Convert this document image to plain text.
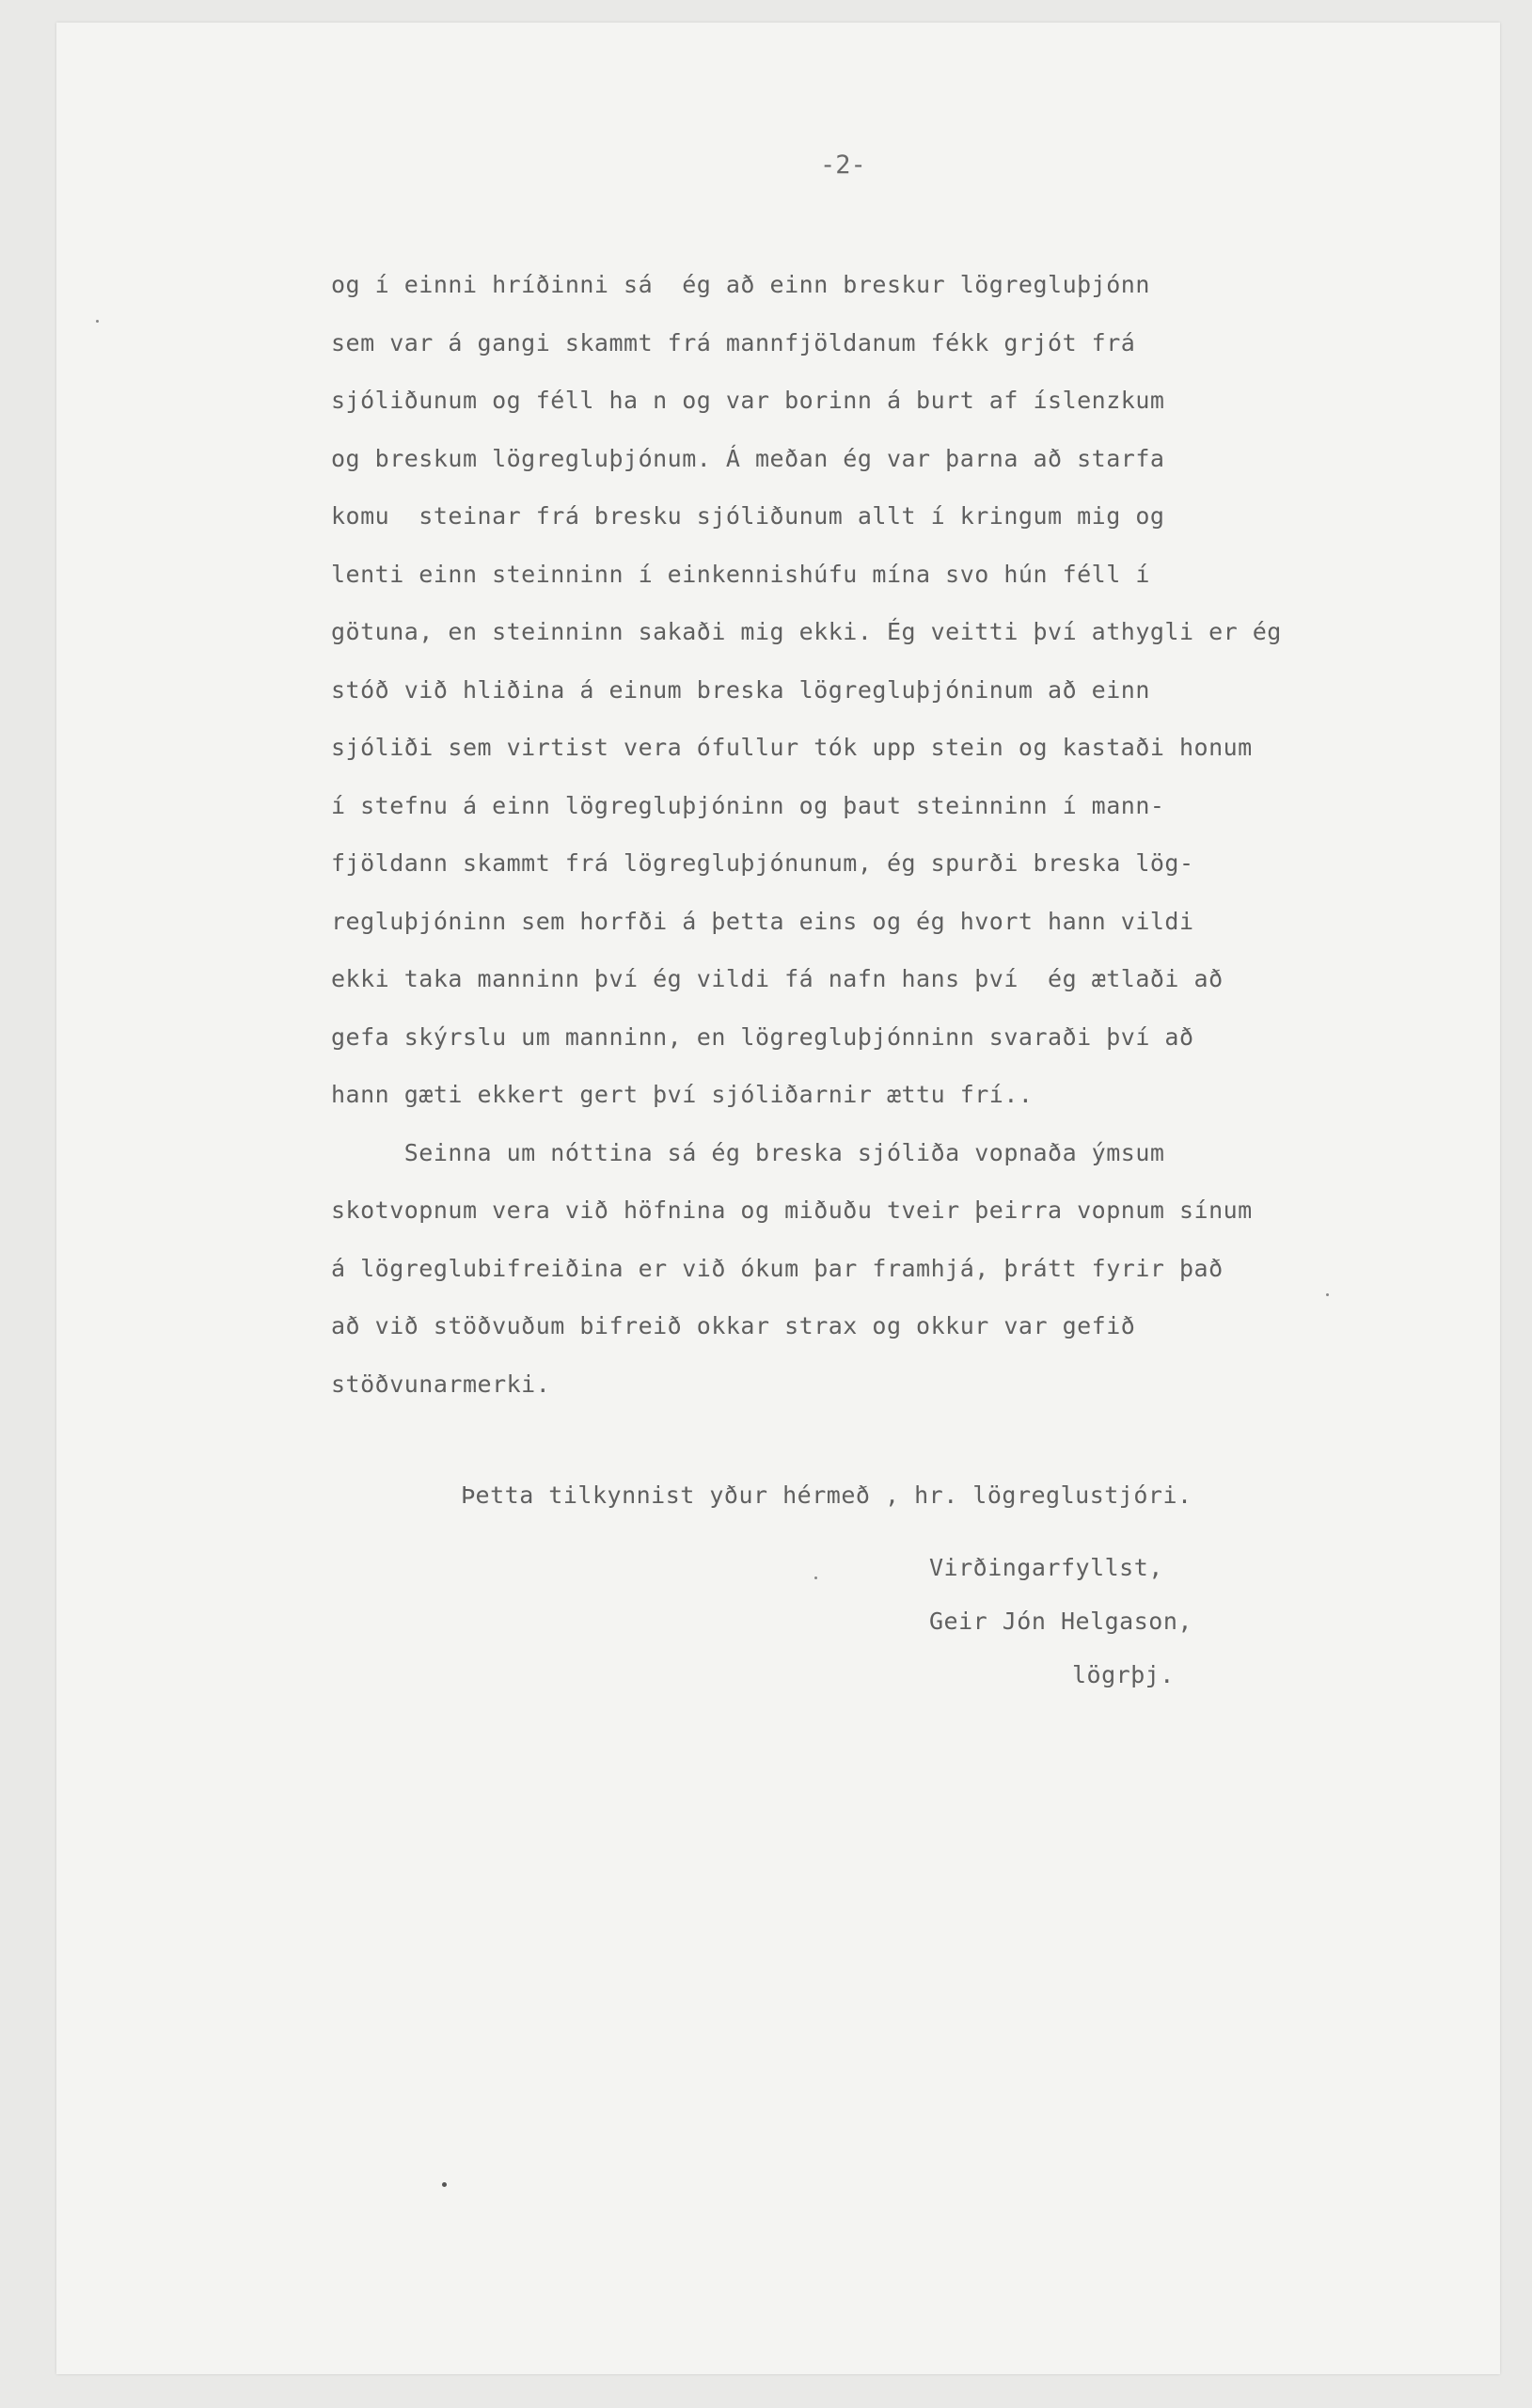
-2-
og í einni hríðinni sá  ég að einn breskur lögregluþjónn
sem var á gangi skammt frá mannfjöldanum fékk grjót frá
sjóliðunum og féll ha n og var borinn á burt af íslenzkum
og breskum lögregluþjónum. Á meðan ég var þarna að starfa
komu  steinar frá bresku sjóliðunum allt í kringum mig og
lenti einn steinninn í einkennishúfu mína svo hún féll í
götuna, en steinninn sakaði mig ekki. Ég veitti því athygli er ég
stóð við hliðina á einum breska lögregluþjóninum að einn
sjóliði sem virtist vera ófullur tók upp stein og kastaði honum
í stefnu á einn lögregluþjóninn og þaut steinninn í mann-
fjöldann skammt frá lögregluþjónunum, ég spurði breska lög-
regluþjóninn sem horfði á þetta eins og ég hvort hann vildi
ekki taka manninn því ég vildi fá nafn hans því  ég ætlaði að
gefa skýrslu um manninn, en lögregluþjónninn svaraði því að
hann gæti ekkert gert því sjóliðarnir ættu frí..
Seinna um nóttina sá ég breska sjóliða vopnaða ýmsum
skotvopnum vera við höfnina og miðuðu tveir þeirra vopnum sínum
á lögreglubifreiðina er við ókum þar framhjá, þrátt fyrir það
að við stöðvuðum bifreið okkar strax og okkur var gefið
stöðvunarmerki.
Þetta tilkynnist yður hérmeð , hr. lögreglustjóri.
Virðingarfyllst,
Geir Jón Helgason,
lögrþj.
